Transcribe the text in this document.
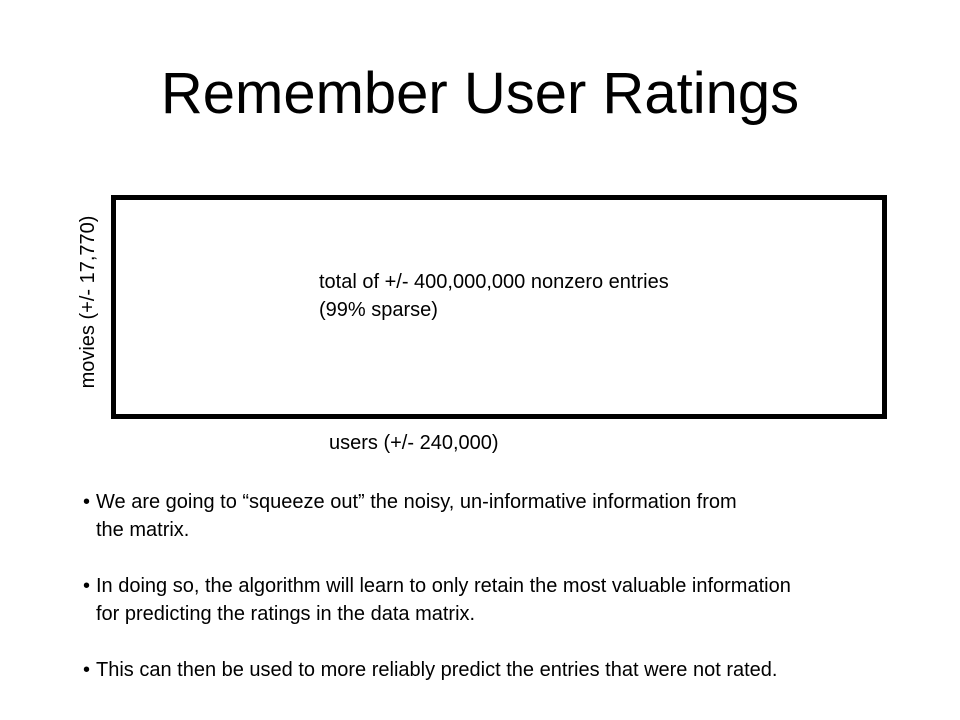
Remember User Ratings
movies (+/- 17,770)	total of +/- 400,000,000 nonzero entries
(99% sparse)
users (+/- 240,000)
• We are going to “squeeze out” the noisy, un-informative information from
the matrix.
• In doing so, the algorithm will learn to only retain the most valuable information
for predicting the ratings in the data matrix.
• This can then be used to more reliably predict the entries that were not rated.
